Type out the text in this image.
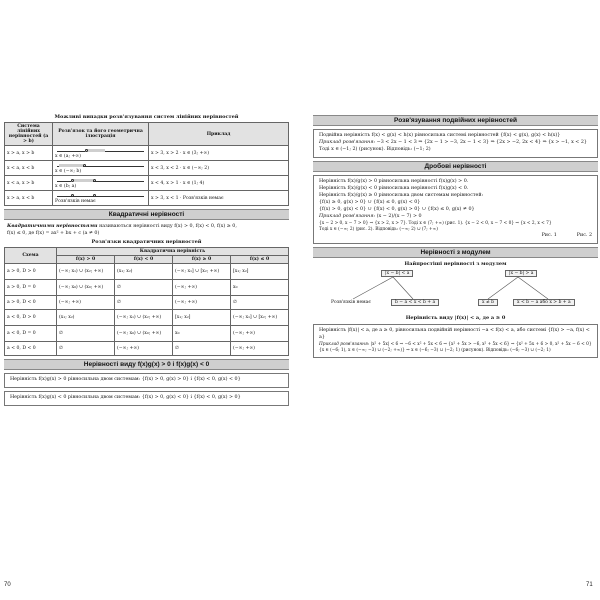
Можливі випадки розв'язування систем лінійних нерівностей
Система лінійних нерівностей (a > b)	Розв'язок та його геометрична ілюстрація	Приклад
x > a, x > b	x ∈ (a; +∞)	x > 3, x > 2 · x ∈ (3; +∞)
x < a, x < b	x ∈ (−∞; b)	x < 3, x < 2 · x ∈ (−∞; 2)
x < a, x > b	x ∈ (b; a)	x < 4, x > 1 · x ∈ (1; 4)
x > a, x < b	Розв'язків немає	x > 3, x < 1 · Розв'язків немає
Квадратичні нерівності
Квадратичними нерівностями називаються нерівності виду f(x) > 0, f(x) < 0, f(x) ≥ 0,
f(x) ≤ 0, де f(x) = ax² + bx + c (a ≠ 0)
Розв'язки квадратичних нерівностей
Схема	Квадратична нерівність			
	f(x) > 0	f(x) < 0	f(x) ≥ 0	f(x) ≤ 0
a > 0, D > 0	(−∞; x₁) ∪ (x₂; +∞)	(x₁; x₂)	(−∞; x₁] ∪ [x₂; +∞)	[x₁; x₂]
a > 0, D = 0	(−∞; x₀) ∪ (x₀; +∞)	∅	(−∞; +∞)	x₀
a > 0, D < 0	(−∞; +∞)	∅	(−∞; +∞)	∅
a < 0, D > 0	(x₁; x₂)	(−∞; x₁) ∪ (x₂; +∞)	[x₁; x₂]	(−∞; x₁] ∪ [x₂; +∞)
a < 0, D = 0	∅	(−∞; x₀) ∪ (x₀; +∞)	x₀	(−∞; +∞)
a < 0, D < 0	∅	(−∞; +∞)	∅	(−∞; +∞)
Нерівності виду f(x)g(x) > 0 і f(x)g(x) < 0
Нерівність f(x)g(x) > 0 рівносильна двом системам: {f(x) > 0, g(x) > 0} і {f(x) < 0, g(x) < 0}
Нерівність f(x)g(x) < 0 рівносильна двом системам: {f(x) > 0, g(x) < 0} і {f(x) < 0, g(x) > 0}
70
Розв'язування подвійних нерівностей
Подвійна нерівність f(x) < g(x) < h(x) рівносильна системі нерівностей {f(x) < g(x), g(x) < h(x)}
Приклад розв'язання: −3 < 2x − 1 < 3 ⇒ {2x − 1 > −3, 2x − 1 < 3} ⇒ {2x > −2, 2x < 4} ⇒ {x > −1, x < 2}
Тоді x ∈ (−1; 2) (рисунок). Відповідь: (−1; 2)
Дробові нерівності
Нерівність f(x)/g(x) > 0 рівносильна нерівності f(x)g(x) > 0.
Нерівність f(x)/g(x) < 0 рівносильна нерівності f(x)g(x) < 0.
Нерівність f(x)/g(x) ≥ 0 рівносильна двом системам нерівностей:
{f(x) ≥ 0, g(x) > 0} ∪ {f(x) ≤ 0, g(x) < 0}
{f(x) > 0, g(x) < 0} ∪ {f(x) < 0, g(x) > 0} ∪ {f(x) ≤ 0, g(x) ≠ 0}
Приклад розв'язання: (x − 2)/(x − 7) > 0
{x − 2 > 0, x − 7 > 0} ⇒ {x > 2, x > 7}. Тоді x ∈ (7; +∞) (рис. 1). {x − 2 < 0, x − 7 < 0} ⇒ {x < 2, x < 7}
Тоді x ∈ (−∞; 2) (рис. 2). Відповідь: (−∞; 2) ∪ (7; +∞)
Рис. 1	Рис. 2
Нерівності з модулем
Найпростіші нерівності з модулем
|x − b| < a	|x − b| > a
Розв'язків немає	b − a < x < b + a	x ≠ b	x < b − a або x > b + a
Нерівність виду |f(x)| < a, де a ≥ 0
Нерівність |f(x)| < a, де a ≥ 0, рівносильна подвійній нерівності −a < f(x) < a, або системі {f(x) > −a, f(x) < a}
Приклад розв'язання: |x² + 5x| < 6 ⇒ −6 < x² + 5x < 6 ⇒ {x² + 5x > −6, x² + 5x < 6} ⇒ {x² + 5x + 6 > 0, x² + 5x − 6 < 0}
{x ∈ (−6; 1), x ∈ (−∞; −3) ∪ (−2; +∞)} ⇒ x ∈ (−6; −3) ∪ (−2; 1) (рисунок). Відповідь: (−6; −3) ∪ (−2; 1)
71
